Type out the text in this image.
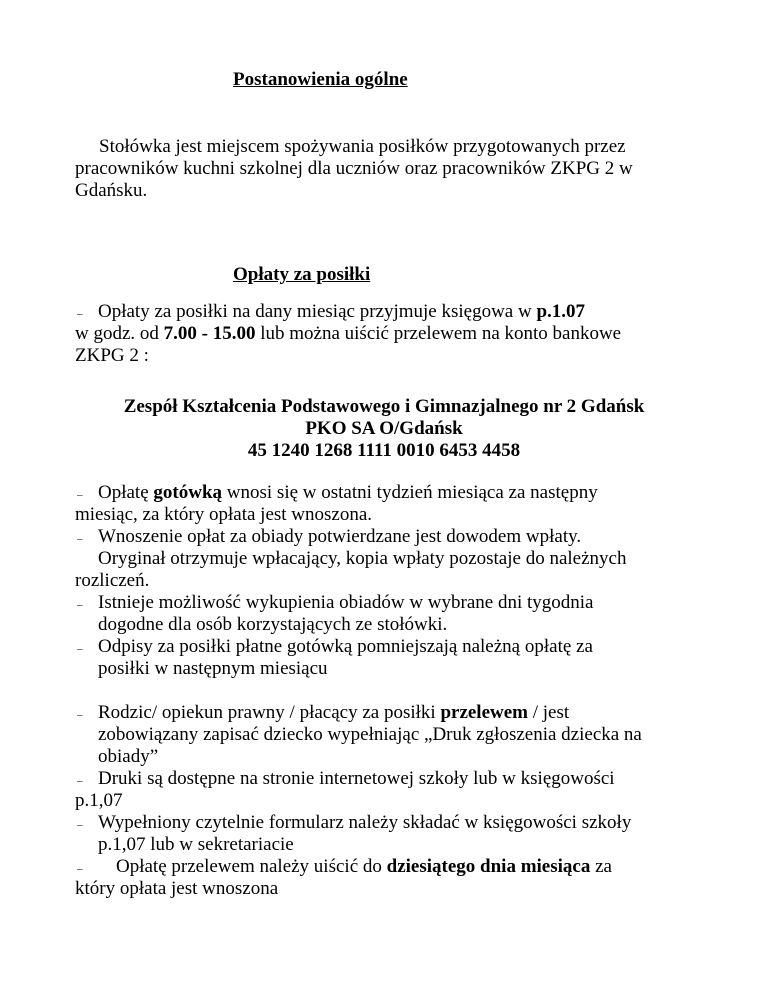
Postanowienia ogólne
Stołówka jest miejscem spożywania posiłków przygotowanych przez
pracowników kuchni szkolnej dla uczniów oraz pracowników ZKPG 2 w
Gdańsku.
Opłaty za posiłki
– Opłaty za posiłki na dany miesiąc przyjmuje księgowa w p.1.07
w godz. od 7.00 - 15.00 lub można uiścić przelewem na konto bankowe
ZKPG 2 :
Zespół Kształcenia Podstawowego i Gimnazjalnego nr 2 Gdańsk
PKO SA O/Gdańsk
45 1240 1268 1111 0010 6453 4458
– Opłatę gotówką wnosi się w ostatni tydzień miesiąca za następny
miesiąc, za który opłata jest wnoszona.
– Wnoszenie opłat za obiady potwierdzane jest dowodem wpłaty.
Oryginał otrzymuje wpłacający, kopia wpłaty pozostaje do należnych
rozliczeń.
– Istnieje możliwość wykupienia obiadów w wybrane dni tygodnia
dogodne dla osób korzystających ze stołówki.
– Odpisy za posiłki płatne gotówką pomniejszają należną opłatę za
posiłki w następnym miesiącu
– Rodzic/ opiekun prawny / płacący za posiłki przelewem / jest
zobowiązany zapisać dziecko wypełniając „Druk zgłoszenia dziecka na
obiady”
– Druki są dostępne na stronie internetowej szkoły lub w księgowości
p.1,07
– Wypełniony czytelnie formularz należy składać w księgowości szkoły
p.1,07 lub w sekretariacie
– Opłatę przelewem należy uiścić do dziesiątego dnia miesiąca za
który opłata jest wnoszona
